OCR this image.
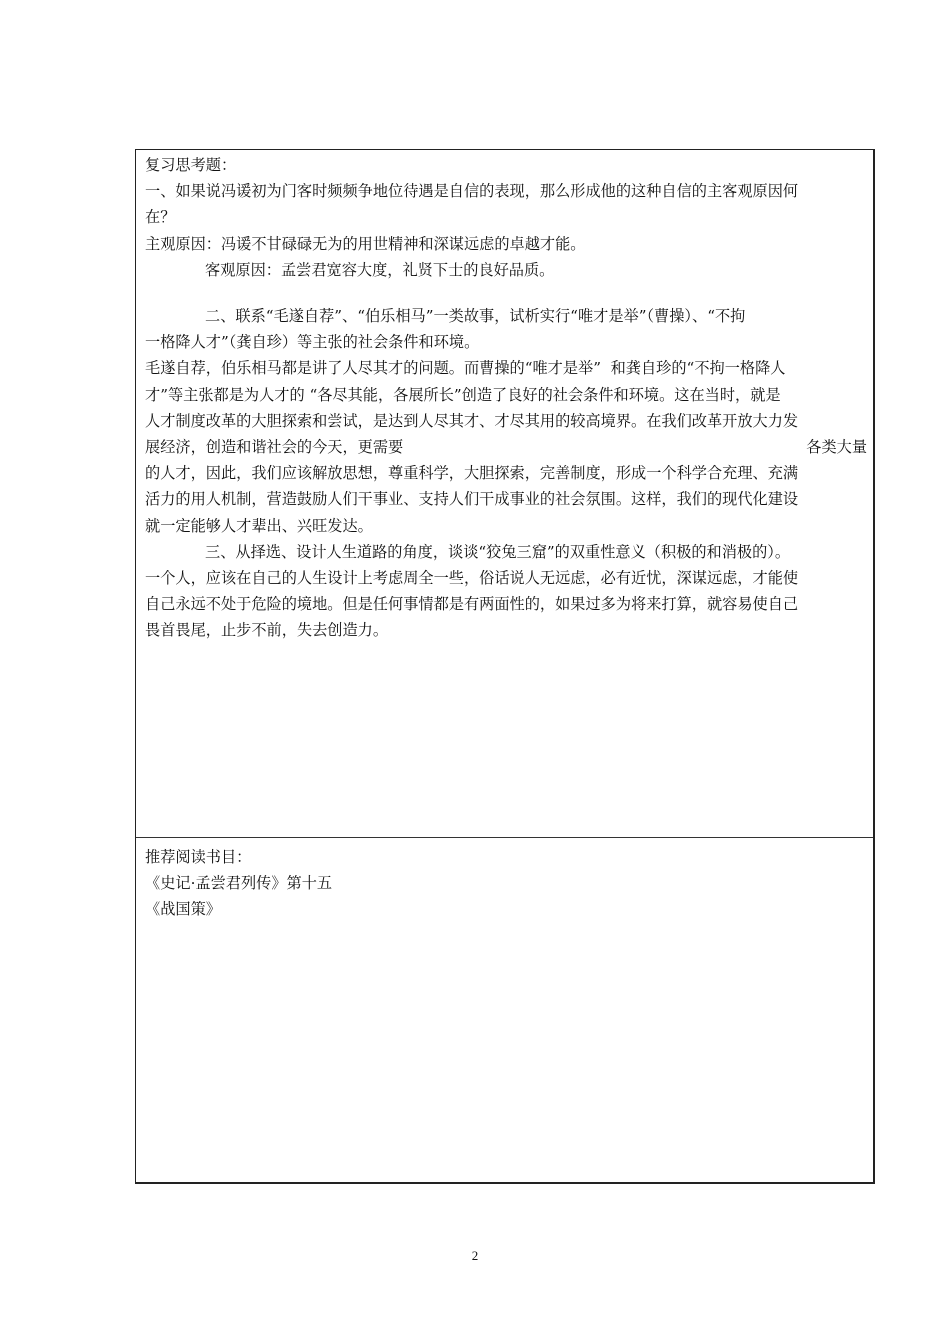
复习思考题：
一、如果说冯谖初为门客时频频争地位待遇是自信的表现，那么形成他的这种自信的主客观原因何
在？
主观原因：冯谖不甘碌碌无为的用世精神和深谋远虑的卓越才能。
客观原因：孟尝君宽容大度，礼贤下士的良好品质。
二、联系“毛遂自荐”、“伯乐相马”一类故事，试析实行“唯才是举”（曹操）、“不拘
一格降人才”（龚自珍）等主张的社会条件和环境。
毛遂自荐，伯乐相马都是讲了人尽其才的问题。而曹操的“唯才是举”  和龚自珍的“不拘一格降人
才”等主张都是为人才的 “各尽其能，各展所长”创造了良好的社会条件和环境。这在当时，就是
人才制度改革的大胆探索和尝试，是达到人尽其才、才尽其用的较高境界。在我们改革开放大力发
展经济，创造和谐社会的今天，更需要	各类大量
的人才，因此，我们应该解放思想，尊重科学，大胆探索，完善制度，形成一个科学合充理、充满
活力的用人机制，营造鼓励人们干事业、支持人们干成事业的社会氛围。这样，我们的现代化建设
就一定能够人才辈出、兴旺发达。
三、从择选、设计人生道路的角度，谈谈“狡兔三窟”的双重性意义（积极的和消极的）。
一个人，应该在自己的人生设计上考虑周全一些，俗话说人无远虑，必有近忧，深谋远虑，才能使
自己永远不处于危险的境地。但是任何事情都是有两面性的，如果过多为将来打算，就容易使自己
畏首畏尾，止步不前，失去创造力。
推荐阅读书目：
《史记·孟尝君列传》第十五
《战国策》
2
